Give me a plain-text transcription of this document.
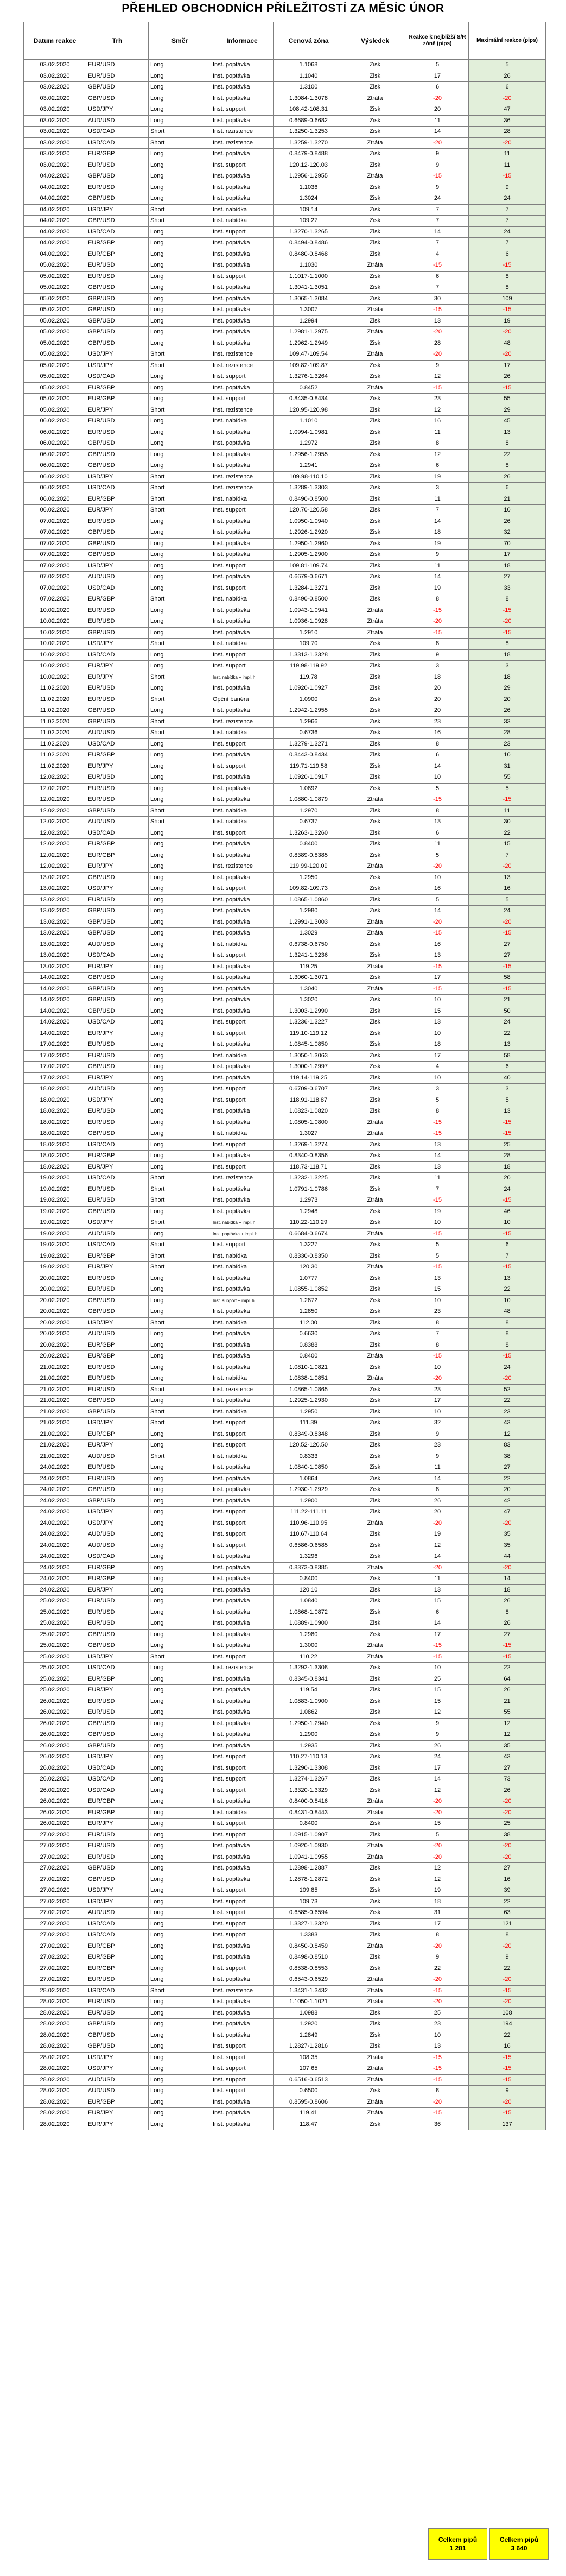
PŘEHLED OBCHODNÍCH PŘÍLEŽITOSTÍ ZA MĚSÍC ÚNOR
Datum reakce	Trh	Směr	Informace	Cenová zóna	Výsledek	Reakce k nejbližší S/R zóně (pips)	Maximální reakce (pips)
03.02.2020	EUR/USD	Long	Inst. poptávka	1.1068	Zisk	5	5
03.02.2020	EUR/USD	Long	Inst. poptávka	1.1040	Zisk	17	26
03.02.2020	GBP/USD	Long	Inst. poptávka	1.3100	Zisk	6	6
03.02.2020	GBP/USD	Long	Inst. poptávka	1.3084-1.3078	Ztráta	-20	-20
03.02.2020	USD/JPY	Long	Inst. support	108.42-108.31	Zisk	20	47
03.02.2020	AUD/USD	Long	Inst. poptávka	0.6689-0.6682	Zisk	11	36
03.02.2020	USD/CAD	Short	Inst. rezistence	1.3250-1.3253	Zisk	14	28
03.02.2020	USD/CAD	Short	Inst. rezistence	1.3259-1.3270	Ztráta	-20	-20
03.02.2020	EUR/GBP	Long	Inst. poptávka	0.8479-0.8488	Zisk	9	11
03.02.2020	EUR/USD	Long	Inst. support	120.12-120.03	Zisk	9	11
04.02.2020	GBP/USD	Long	Inst. poptávka	1.2956-1.2955	Ztráta	-15	-15
04.02.2020	EUR/USD	Long	Inst. poptávka	1.1036	Zisk	9	9
04.02.2020	GBP/USD	Long	Inst. poptávka	1.3024	Zisk	24	24
04.02.2020	USD/JPY	Short	Inst. nabídka	109.14	Zisk	7	7
04.02.2020	GBP/USD	Short	Inst. nabídka	109.27	Zisk	7	7
04.02.2020	USD/CAD	Long	Inst. support	1.3270-1.3265	Zisk	14	24
04.02.2020	EUR/GBP	Long	Inst. poptávka	0.8494-0.8486	Zisk	7	7
04.02.2020	EUR/GBP	Long	Inst. poptávka	0.8480-0.8468	Zisk	4	6
05.02.2020	EUR/USD	Long	Inst. poptávka	1.1030	Ztráta	-15	-15
05.02.2020	EUR/USD	Long	Inst. support	1.1017-1.1000	Zisk	6	8
05.02.2020	GBP/USD	Long	Inst. poptávka	1.3041-1.3051	Zisk	7	8
05.02.2020	GBP/USD	Long	Inst. poptávka	1.3065-1.3084	Zisk	30	109
05.02.2020	GBP/USD	Long	Inst. poptávka	1.3007	Ztráta	-15	-15
05.02.2020	GBP/USD	Long	Inst. poptávka	1.2994	Zisk	13	19
05.02.2020	GBP/USD	Long	Inst. poptávka	1.2981-1.2975	Ztráta	-20	-20
05.02.2020	GBP/USD	Long	Inst. poptávka	1.2962-1.2949	Zisk	28	48
05.02.2020	USD/JPY	Short	Inst. rezistence	109.47-109.54	Ztráta	-20	-20
05.02.2020	USD/JPY	Short	Inst. rezistence	109.82-109.87	Zisk	9	17
05.02.2020	USD/CAD	Long	Inst. support	1.3276-1.3264	Zisk	12	26
05.02.2020	EUR/GBP	Long	Inst. poptávka	0.8452	Ztráta	-15	-15
05.02.2020	EUR/GBP	Long	Inst. support	0.8435-0.8434	Zisk	23	55
05.02.2020	EUR/JPY	Short	Inst. rezistence	120.95-120.98	Zisk	12	29
06.02.2020	EUR/USD	Long	Inst. nabídka	1.1010	Zisk	16	45
06.02.2020	EUR/USD	Long	Inst. poptávka	1.0994-1.0981	Zisk	11	13
06.02.2020	GBP/USD	Long	Inst. poptávka	1.2972	Zisk	8	8
06.02.2020	GBP/USD	Long	Inst. poptávka	1.2956-1.2955	Zisk	12	22
06.02.2020	GBP/USD	Long	Inst. poptávka	1.2941	Zisk	6	8
06.02.2020	USD/JPY	Short	Inst. rezistence	109.98-110.10	Zisk	19	26
06.02.2020	USD/CAD	Short	Inst. rezistence	1.3289-1.3303	Zisk	3	6
06.02.2020	EUR/GBP	Short	Inst. nabídka	0.8490-0.8500	Zisk	11	21
06.02.2020	EUR/JPY	Short	Inst. support	120.70-120.58	Zisk	7	10
07.02.2020	EUR/USD	Long	Inst. poptávka	1.0950-1.0940	Zisk	14	26
07.02.2020	GBP/USD	Long	Inst. poptávka	1.2926-1.2920	Zisk	18	32
07.02.2020	GBP/USD	Long	Inst. poptávka	1.2950-1.2960	Zisk	19	70
07.02.2020	GBP/USD	Long	Inst. poptávka	1.2905-1.2900	Zisk	9	17
07.02.2020	USD/JPY	Long	Inst. support	109.81-109.74	Zisk	11	18
07.02.2020	AUD/USD	Long	Inst. poptávka	0.6679-0.6671	Zisk	14	27
07.02.2020	USD/CAD	Long	Inst. support	1.3284-1.3271	Zisk	19	33
07.02.2020	EUR/GBP	Short	Inst. nabídka	0.8490-0.8500	Zisk	8	8
10.02.2020	EUR/USD	Long	Inst. poptávka	1.0943-1.0941	Ztráta	-15	-15
10.02.2020	EUR/USD	Long	Inst. poptávka	1.0936-1.0928	Ztráta	-20	-20
10.02.2020	GBP/USD	Long	Inst. poptávka	1.2910	Ztráta	-15	-15
10.02.2020	USD/JPY	Short	Inst. nabídka	109.70	Zisk	8	8
10.02.2020	USD/CAD	Long	Inst. support	1.3313-1.3328	Zisk	9	18
10.02.2020	EUR/JPY	Long	Inst. support	119.98-119.92	Zisk	3	3
10.02.2020	EUR/JPY	Short	Inst. nabídka + impl. h.	119.78	Zisk	18	18
11.02.2020	EUR/USD	Long	Inst. poptávka	1.0920-1.0927	Zisk	20	29
11.02.2020	EUR/USD	Short	Opční bariéra	1.0900	Zisk	20	20
11.02.2020	GBP/USD	Long	Inst. poptávka	1.2942-1.2955	Zisk	20	26
11.02.2020	GBP/USD	Short	Inst. rezistence	1.2966	Zisk	23	33
11.02.2020	AUD/USD	Short	Inst. nabídka	0.6736	Zisk	16	28
11.02.2020	USD/CAD	Long	Inst. support	1.3279-1.3271	Zisk	8	23
11.02.2020	EUR/GBP	Long	Inst. poptávka	0.8443-0.8434	Zisk	6	10
11.02.2020	EUR/JPY	Long	Inst. support	119.71-119.58	Zisk	14	31
12.02.2020	EUR/USD	Long	Inst. poptávka	1.0920-1.0917	Zisk	10	55
12.02.2020	EUR/USD	Long	Inst. poptávka	1.0892	Zisk	5	5
12.02.2020	EUR/USD	Long	Inst. poptávka	1.0880-1.0879	Ztráta	-15	-15
12.02.2020	GBP/USD	Short	Inst. nabídka	1.2970	Zisk	8	11
12.02.2020	AUD/USD	Short	Inst. nabídka	0.6737	Zisk	13	30
12.02.2020	USD/CAD	Long	Inst. support	1.3263-1.3260	Zisk	6	22
12.02.2020	EUR/GBP	Long	Inst. poptávka	0.8400	Zisk	11	15
12.02.2020	EUR/GBP	Long	Inst. poptávka	0.8389-0.8385	Zisk	5	7
12.02.2020	EUR/JPY	Long	Inst. rezistence	119.99-120.09	Ztráta	-20	-20
13.02.2020	GBP/USD	Long	Inst. poptávka	1.2950	Zisk	10	13
13.02.2020	USD/JPY	Long	Inst. support	109.82-109.73	Zisk	16	16
13.02.2020	EUR/USD	Long	Inst. poptávka	1.0865-1.0860	Zisk	5	5
13.02.2020	GBP/USD	Long	Inst. poptávka	1.2980	Zisk	14	24
13.02.2020	GBP/USD	Long	Inst. poptávka	1.2991-1.3003	Ztráta	-20	-20
13.02.2020	GBP/USD	Long	Inst. poptávka	1.3029	Ztráta	-15	-15
13.02.2020	AUD/USD	Long	Inst. nabídka	0.6738-0.6750	Zisk	16	27
13.02.2020	USD/CAD	Long	Inst. support	1.3241-1.3236	Zisk	13	27
13.02.2020	EUR/JPY	Long	Inst. poptávka	119.25	Ztráta	-15	-15
14.02.2020	GBP/USD	Long	Inst. poptávka	1.3060-1.3071	Zisk	17	58
14.02.2020	GBP/USD	Long	Inst. poptávka	1.3040	Ztráta	-15	-15
14.02.2020	GBP/USD	Long	Inst. poptávka	1.3020	Zisk	10	21
14.02.2020	GBP/USD	Long	Inst. poptávka	1.3003-1.2990	Zisk	15	50
14.02.2020	USD/CAD	Long	Inst. support	1.3236-1.3227	Zisk	13	24
14.02.2020	EUR/JPY	Long	Inst. support	119.10-119.12	Zisk	10	22
17.02.2020	EUR/USD	Long	Inst. poptávka	1.0845-1.0850	Zisk	18	13
17.02.2020	EUR/USD	Long	Inst. nabídka	1.3050-1.3063	Zisk	17	58
17.02.2020	GBP/USD	Long	Inst. poptávka	1.3000-1.2997	Zisk	4	6
17.02.2020	EUR/JPY	Long	Inst. poptávka	119.14-119.25	Zisk	10	40
18.02.2020	AUD/USD	Long	Inst. support	0.6709-0.6707	Zisk	3	3
18.02.2020	USD/JPY	Long	Inst. support	118.91-118.87	Zisk	5	5
18.02.2020	EUR/USD	Long	Inst. poptávka	1.0823-1.0820	Zisk	8	13
18.02.2020	EUR/USD	Long	Inst. poptávka	1.0805-1.0800	Ztráta	-15	-15
18.02.2020	GBP/USD	Long	Inst. nabídka	1.3027	Ztráta	-15	-15
18.02.2020	USD/CAD	Long	Inst. support	1.3269-1.3274	Zisk	13	25
18.02.2020	EUR/GBP	Long	Inst. poptávka	0.8340-0.8356	Zisk	14	28
18.02.2020	EUR/JPY	Long	Inst. support	118.73-118.71	Zisk	13	18
19.02.2020	USD/CAD	Short	Inst. rezistence	1.3232-1.3225	Zisk	11	20
19.02.2020	EUR/USD	Short	Inst. poptávka	1.0791-1.0786	Zisk	7	24
19.02.2020	EUR/USD	Short	Inst. poptávka	1.2973	Ztráta	-15	-15
19.02.2020	GBP/USD	Long	Inst. poptávka	1.2948	Zisk	19	46
19.02.2020	USD/JPY	Short	Inst. nabídka + impl. h.	110.22-110.29	Zisk	10	10
19.02.2020	AUD/USD	Long	Inst. poptávka + impl. h.	0.6684-0.6674	Ztráta	-15	-15
19.02.2020	USD/CAD	Short	Inst. support	1.3227	Zisk	5	6
19.02.2020	EUR/GBP	Short	Inst. nabídka	0.8330-0.8350	Zisk	5	7
19.02.2020	EUR/JPY	Short	Inst. nabídka	120.30	Ztráta	-15	-15
20.02.2020	EUR/USD	Long	Inst. poptávka	1.0777	Zisk	13	13
20.02.2020	EUR/USD	Long	Inst. poptávka	1.0855-1.0852	Zisk	15	22
20.02.2020	GBP/USD	Long	Inst. support + impl. h.	1.2872	Zisk	10	10
20.02.2020	GBP/USD	Long	Inst. poptávka	1.2850	Zisk	23	48
20.02.2020	USD/JPY	Short	Inst. nabídka	112.00	Zisk	8	8
20.02.2020	AUD/USD	Long	Inst. poptávka	0.6630	Zisk	7	8
20.02.2020	EUR/GBP	Long	Inst. poptávka	0.8388	Zisk	8	8
20.02.2020	EUR/GBP	Long	Inst. poptávka	0.8400	Ztráta	-15	-15
21.02.2020	EUR/USD	Long	Inst. poptávka	1.0810-1.0821	Zisk	10	24
21.02.2020	EUR/USD	Long	Inst. nabídka	1.0838-1.0851	Ztráta	-20	-20
21.02.2020	EUR/USD	Short	Inst. rezistence	1.0865-1.0865	Zisk	23	52
21.02.2020	GBP/USD	Long	Inst. poptávka	1.2925-1.2930	Zisk	17	22
21.02.2020	GBP/USD	Short	Inst. nabídka	1.2950	Zisk	10	23
21.02.2020	USD/JPY	Short	Inst. support	111.39	Zisk	32	43
21.02.2020	EUR/GBP	Long	Inst. support	0.8349-0.8348	Zisk	9	12
21.02.2020	EUR/JPY	Long	Inst. support	120.52-120.50	Zisk	23	83
21.02.2020	AUD/USD	Short	Inst. nabídka	0.8333	Zisk	9	38
24.02.2020	EUR/USD	Long	Inst. poptávka	1.0840-1.0850	Zisk	11	27
24.02.2020	EUR/USD	Long	Inst. poptávka	1.0864	Zisk	14	22
24.02.2020	GBP/USD	Long	Inst. poptávka	1.2930-1.2929	Zisk	8	20
24.02.2020	GBP/USD	Long	Inst. poptávka	1.2900	Zisk	26	42
24.02.2020	USD/JPY	Long	Inst. support	111.22-111.11	Zisk	20	47
24.02.2020	USD/JPY	Long	Inst. support	110.96-110.95	Ztráta	-20	-20
24.02.2020	AUD/USD	Long	Inst. support	110.67-110.64	Zisk	19	35
24.02.2020	AUD/USD	Long	Inst. support	0.6586-0.6585	Zisk	12	35
24.02.2020	USD/CAD	Long	Inst. poptávka	1.3296	Zisk	14	44
24.02.2020	EUR/GBP	Long	Inst. poptávka	0.8373-0.8385	Ztráta	-20	-20
24.02.2020	EUR/GBP	Long	Inst. poptávka	0.8400	Zisk	11	14
24.02.2020	EUR/JPY	Long	Inst. poptávka	120.10	Zisk	13	18
25.02.2020	EUR/USD	Long	Inst. poptávka	1.0840	Zisk	15	26
25.02.2020	EUR/USD	Long	Inst. poptávka	1.0868-1.0872	Zisk	6	8
25.02.2020	EUR/USD	Long	Inst. poptávka	1.0889-1.0900	Zisk	14	26
25.02.2020	GBP/USD	Long	Inst. poptávka	1.2980	Zisk	17	27
25.02.2020	GBP/USD	Long	Inst. poptávka	1.3000	Ztráta	-15	-15
25.02.2020	USD/JPY	Short	Inst. support	110.22	Ztráta	-15	-15
25.02.2020	USD/CAD	Long	Inst. rezistence	1.3292-1.3308	Zisk	10	22
25.02.2020	EUR/GBP	Long	Inst. poptávka	0.8345-0.8341	Zisk	25	64
25.02.2020	EUR/JPY	Long	Inst. poptávka	119.54	Zisk	15	26
26.02.2020	EUR/USD	Long	Inst. poptávka	1.0883-1.0900	Zisk	15	21
26.02.2020	EUR/USD	Long	Inst. poptávka	1.0862	Zisk	12	55
26.02.2020	GBP/USD	Long	Inst. poptávka	1.2950-1.2940	Zisk	9	12
26.02.2020	GBP/USD	Long	Inst. poptávka	1.2900	Zisk	9	12
26.02.2020	GBP/USD	Long	Inst. poptávka	1.2935	Zisk	26	35
26.02.2020	USD/JPY	Long	Inst. support	110.27-110.13	Zisk	24	43
26.02.2020	USD/CAD	Long	Inst. support	1.3290-1.3308	Zisk	17	27
26.02.2020	USD/CAD	Long	Inst. support	1.3274-1.3267	Zisk	14	73
26.02.2020	USD/CAD	Long	Inst. support	1.3320-1.3329	Zisk	12	26
26.02.2020	EUR/GBP	Long	Inst. poptávka	0.8400-0.8416	Ztráta	-20	-20
26.02.2020	EUR/GBP	Long	Inst. nabídka	0.8431-0.8443	Ztráta	-20	-20
26.02.2020	EUR/JPY	Long	Inst. support	0.8400	Zisk	15	25
27.02.2020	EUR/USD	Long	Inst. support	1.0915-1.0907	Zisk	5	38
27.02.2020	EUR/USD	Long	Inst. poptávka	1.0920-1.0930	Ztráta	-20	-20
27.02.2020	EUR/USD	Long	Inst. poptávka	1.0941-1.0955	Ztráta	-20	-20
27.02.2020	GBP/USD	Long	Inst. poptávka	1.2898-1.2887	Zisk	12	27
27.02.2020	GBP/USD	Long	Inst. poptávka	1.2878-1.2872	Zisk	12	16
27.02.2020	USD/JPY	Long	Inst. support	109.85	Zisk	19	39
27.02.2020	USD/JPY	Long	Inst. support	109.73	Zisk	18	22
27.02.2020	AUD/USD	Long	Inst. support	0.6585-0.6594	Zisk	31	63
27.02.2020	USD/CAD	Long	Inst. support	1.3327-1.3320	Zisk	17	121
27.02.2020	USD/CAD	Long	Inst. support	1.3383	Zisk	8	8
27.02.2020	EUR/GBP	Long	Inst. poptávka	0.8450-0.8459	Ztráta	-20	-20
27.02.2020	EUR/GBP	Long	Inst. poptávka	0.8498-0.8510	Zisk	9	9
27.02.2020	EUR/GBP	Long	Inst. support	0.8538-0.8553	Zisk	22	22
27.02.2020	EUR/USD	Long	Inst. poptávka	0.6543-0.6529	Ztráta	-20	-20
28.02.2020	USD/CAD	Short	Inst. rezistence	1.3431-1.3432	Ztráta	-15	-15
28.02.2020	EUR/USD	Long	Inst. poptávka	1.1050-1.1021	Ztráta	-20	-20
28.02.2020	EUR/USD	Long	Inst. poptávka	1.0988	Zisk	25	108
28.02.2020	GBP/USD	Long	Inst. poptávka	1.2920	Zisk	23	194
28.02.2020	GBP/USD	Long	Inst. poptávka	1.2849	Zisk	10	22
28.02.2020	GBP/USD	Long	Inst. support	1.2827-1.2816	Zisk	13	16
28.02.2020	USD/JPY	Long	Inst. support	108.35	Ztráta	-15	-15
28.02.2020	USD/JPY	Long	Inst. support	107.65	Ztráta	-15	-15
28.02.2020	AUD/USD	Long	Inst. support	0.6516-0.6513	Ztráta	-15	-15
28.02.2020	AUD/USD	Long	Inst. support	0.6500	Zisk	8	9
28.02.2020	EUR/GBP	Long	Inst. poptávka	0.8595-0.8606	Ztráta	-20	-20
28.02.2020	EUR/JPY	Long	Inst. poptávka	119.41	Ztráta	-15	-15
28.02.2020	EUR/JPY	Long	Inst. poptávka	118.47	Zisk	36	137
Celkem pipů
1 281
Celkem pipů
3 640
